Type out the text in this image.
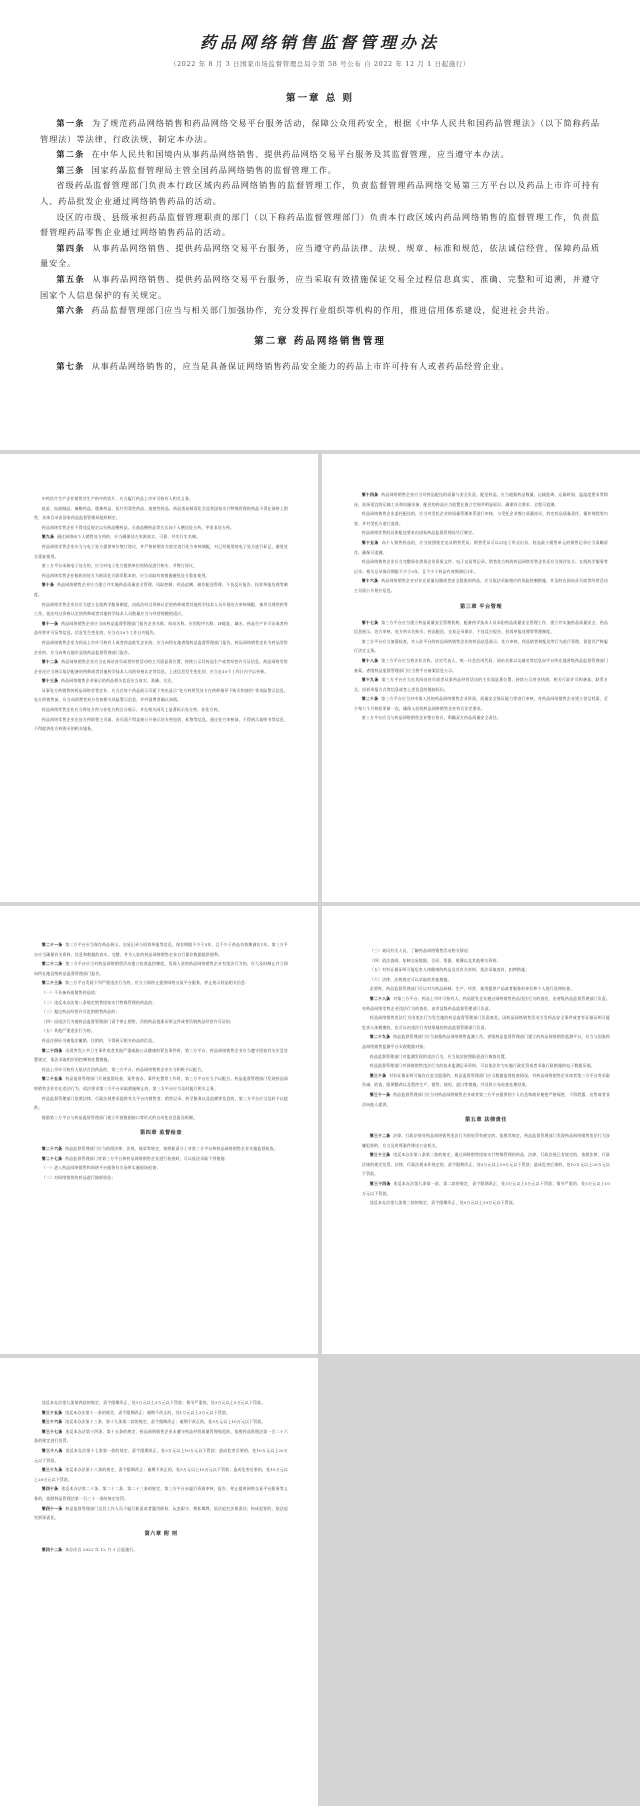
药品网络销售监督管理办法
（2022 年 8 月 3 日国家市场监督管理总局令第 58 号公布 自 2022 年 12 月 1 日起施行）
第一章 总 则

第一条 为了规范药品网络销售和药品网络交易平台服务活动，保障公众用药安全，根据《中华人民共和国药品管理法》（以下简称药品管理法）等法律、行政法规，制定本办法。

第二条 在中华人民共和国境内从事药品网络销售、提供药品网络交易平台服务及其监督管理，应当遵守本办法。

第三条 国家药品监督管理局主管全国药品网络销售的监督管理工作。

省级药品监督管理部门负责本行政区域内药品网络销售的监督管理工作，负责监督管理药品网络交易第三方平台以及药品上市许可持有人、药品批发企业通过网络销售药品的活动。

设区的市级、县级承担药品监督管理职责的部门（以下称药品监督管理部门）负责本行政区域内药品网络销售的监督管理工作，负责监督管理药品零售企业通过网络销售药品的活动。

第四条 从事药品网络销售、提供药品网络交易平台服务，应当遵守药品法律、法规、规章、标准和规范，依法诚信经营，保障药品质量安全。

第五条 从事药品网络销售、提供药品网络交易平台服务，应当采取有效措施保证交易全过程信息真实、准确、完整和可追溯，并遵守国家个人信息保护的有关规定。

第六条 药品监督管理部门应当与相关部门加强协作，充分发挥行业组织等机构的作用，推进信用体系建设，促进社会共治。

第二章 药品网络销售管理

第七条 从事药品网络销售的，应当是具备保证网络销售药品安全能力的药品上市许可持有人或者药品经营企业。

中药饮片生产企业销售其生产的中药饮片，应当履行药品上市许可持有人相关义务。

疫苗、血液制品、麻醉药品、精神药品、医疗用毒性药品、放射性药品、药品类易制毒化学品等国家实行特殊管理的药品不得在网络上销售，具体目录由国家药品监督管理局组织制定。

药品网络零售企业不得违反规定以买药品赠药品、买商品赠药品等方式向个人赠送处方药、甲类非处方药。

第九条 通过网络向个人销售处方药的，应当确保处方来源真实、可靠，并实行实名制。

药品网络零售企业应当与电子处方提供单位签订协议，并严格按照有关规定进行处方审核调配，对已经使用的电子处方进行标记，避免处方重复使用。

第三方平台承接电子处方的，应当对电子处方提供单位的情况进行核实，并签订协议。

药品网络零售企业接收的处方为纸质处方影印版本的，应当采取有效措施避免处方重复使用。

第十条 药品网络销售企业应当建立并实施药品质量安全管理、风险控制、药品追溯、储存配送管理、不良反应报告、投诉举报处理等制度。

药品网络零售企业还应当建立在线药学服务制度，由依法经过资格认定的药师或者其他药学技术人员开展处方审核调配、指导合理用药等工作。依法经过资格认定的药师或者其他药学技术人员数量应当与经营规模相适应。

第十一条 药品网络销售企业应当向药品监督管理部门报告企业名称、网站名称、应用程序名称、IP地址、域名、药品生产许可证或者药品经营许可证等信息。信息发生变化的，应当在10个工作日内报告。

药品网络销售企业为药品上市许可持有人或者药品批发企业的，应当向所在地省级药品监督管理部门报告。药品网络销售企业为药品零售企业的，应当向所在地市县级药品监督管理部门报告。

第十二条 药品网络销售企业应当在网站首页或者经营活动的主页面显著位置，持续公示其药品生产或者经营许可证信息。药品网络零售企业还应当展示依法配备的药师或者其他药学技术人员的资格认定等信息。上述信息发生变化的，应当在10个工作日内予以更新。

第十三条 药品网络销售企业展示的药品相关信息应当真实、准确、合法。

从事处方药销售的药品网络零售企业，应当在每个药品展示页面下突出显示“处方药须凭处方在药师指导下购买和使用”等风险警示信息。处方药销售前，应当向消费者充分告知相关风险警示信息，并经消费者确认知情。

药品网络零售企业应当将处方药与非处方药区分展示，并在相关网页上显著标示处方药、非处方药。

药品网络零售企业在处方药销售主页面、首页面不得直接公开展示处方药包装、标签等信息。通过处方审核前，不得展示说明书等信息，不得提供处方药购买的相关服务。

第十四条 药品网络销售企业应当对药品配送的质量与安全负责。配送药品，应当根据药品数量、运输距离、运输时间、温湿度要求等情况，选择适宜的运输工具和设施设备，配送的药品应当放置在独立空间并明显标识，确保符合要求、全程可追溯。

药品网络销售企业委托配送的，应当对受托企业的质量管理体系进行审核，与受托企业签订质量协议，约定药品质量责任、操作规程等内容，并对受托方进行监督。

药品网络零售的具体配送要求由国家药品监督管理局另行制定。

第十五条 向个人销售药品的，应当按照规定出具销售凭证。销售凭证可以以电子形式出具，药品最小销售单元的销售记录应当清晰留存，确保可追溯。

药品网络销售企业应当完整保存供货企业资质文件、电子交易等记录。销售处方药的药品网络零售企业还应当保存处方、在线药学服务等记录。相关记录保存期限不少于5年，且不少于药品有效期满后1年。

第十六条 药品网络销售企业对存在质量问题或者安全隐患的药品，应当依法采取相应的风险控制措施，并及时在网站首页或者经营活动主页面公开相应信息。

第三章 平台管理

第十七条 第三方平台应当建立药品质量安全管理机构，配备药学技术人员承担药品质量安全管理工作，建立并实施药品质量安全、药品信息展示、处方审核、处方药实名购买、药品配送、交易记录保存、不良反应报告、投诉举报处理等管理制度。

第三方平台应当加强检查，对入驻平台的药品网络销售企业的药品信息展示、处方审核、药品销售和配送等行为进行管理，督促其严格履行法定义务。

第十八条 第三方平台应当将企业名称、法定代表人、统一社会信用代码、网站名称以及域名等信息向平台所在地省级药品监督管理部门备案。省级药品监督管理部门应当将平台备案信息公示。

第十九条 第三方平台应当在其网站首页或者从事药品经营活动的主页面显著位置，持续公示营业执照、相关行政许可和备案、联系方式、投诉举报方式等信息或者上述信息的链接标识。

第二十条 第三方平台应当对申请入驻的药品网络销售企业资质、质量安全保证能力等进行审核，对药品网络销售企业建立登记档案，至少每六个月核验更新一次，确保入驻的药品网络销售企业符合法定要求。

第三方平台应当与药品网络销售企业签订协议，明确双方药品质量安全责任。

第二十一条 第三方平台应当保存药品展示、交易记录与投诉举报等信息。保存期限不少于5年，且不少于药品有效期满后1年。第三方平台应当确保有关资料、信息和数据的真实、完整，并为入驻的药品网络销售企业自行保存数据提供便利。

第二十二条 第三方平台应当对药品网络销售活动建立检查监控制度。发现入驻的药品网络销售企业有违法行为的，应当及时制止并立即向所在地县级药品监督管理部门报告。

第二十三条 第三方平台发现下列严重违法行为的，应当立即停止提供网络交易平台服务，停止展示药品相关信息：

（一）不具备资质销售药品的；

（二）违反本办法第八条规定销售国家实行特殊管理的药品的；

（三）超过药品经营许可范围销售药品的；

（四）因违法行为被药品监督管理部门责令停止销售、吊销药品批准证明文件或者吊销药品经营许可证的；

（五）其他严重违法行为的。

药品注册证书被依法撤销、注销的，不得展示相关药品的信息。

第二十四条 出现突发公共卫生事件或者其他严重威胁公众健康的紧急事件时，第三方平台、药品网络销售企业应当遵守国家有关应急处置规定，依法采取相应的控制和处置措施。

药品上市许可持有人依法召回药品的，第三方平台、药品网络销售企业应当积极予以配合。

第二十五条 药品监督管理部门开展监督检查、案件查办、事件处置等工作时，第三方平台应当予以配合。药品监督管理部门发现药品网络销售企业存在违法行为，依法要求第三方平台采取措施制止的，第三方平台应当及时履行相关义务。

药品监督管理部门依照法律、行政法规要求提供有关平台内销售者、销售记录、药学服务以及追溯等信息的，第三方平台应当及时予以提供。

鼓励第三方平台与药品监督管理部门建立开放数据接口等形式的自动化信息报送机制。

第四章 监督检查

第二十六条 药品监督管理部门应当依照法律、法规、规章等规定，按照职责分工对第三方平台和药品网络销售企业实施监督检查。

第二十七条 药品监督管理部门对第三方平台和药品网络销售企业进行检查时，可以依法采取下列措施：

（一）进入药品网络销售和网络平台服务有关场所实施现场检查；

（二）对网络销售的药品进行抽样检验；

（三）询问有关人员，了解药品网络销售活动相关情况；

（四）依法查阅、复制交易数据、合同、票据、账簿以及其他相关资料；

（五）对有证据证明可能危害人体健康的药品及其有关材料，依法采取查封、扣押措施；

（六）法律、法规规定可以采取的其他措施。

必要时，药品监督管理部门可以对为药品研制、生产、经营、使用提供产品或者服务的单位和个人进行延伸检查。

第二十八条 对第三方平台、药品上市许可持有人、药品批发企业通过网络销售药品违法行为的查处，由省级药品监督管理部门负责。对药品网络零售企业违法行为的查处，由市县级药品监督管理部门负责。

药品网络销售违法行为由违法行为发生地的药品监督管理部门负责查处。因药品网络销售活动引发药品安全事件或者有证据证明可能危害人体健康的，也可以由违法行为结果地的药品监督管理部门负责。

第二十九条 药品监督管理部门应当加强药品网络销售监测工作。省级药品监督管理部门建立的药品网络销售监测平台，应当与国家药品网络销售监测平台实现数据对接。

药品监督管理部门对监测发现的违法行为，应当依法按照职责进行调查处置。

药品监督管理部门对网络销售违法行为的技术监测记录资料，可以依法作为实施行政处罚或者采取行政措施的电子数据证据。

第三十条 对有证据证明可能存在安全隐患的，药品监督管理部门应当根据监督检查情况，对药品网络销售企业或者第三方平台等采取告诫、约谈、限期整改以及暂停生产、销售、使用、进口等措施，并及时公布检查处理结果。

第三十一条 药品监督管理部门应当对药品网络销售企业或者第三方平台提供的个人信息和商业秘密严格保密，不得泄露、出售或者非法向他人提供。

第五章 法律责任

第三十二条 法律、行政法规对药品网络销售违法行为的处罚有规定的，依照其规定。药品监督管理部门发现药品网络销售违法行为涉嫌犯罪的，应当及时将案件移送公安机关。

第三十三条 违反本办法第八条第二款的规定，通过网络销售国家实行特殊管理的药品，法律、行政法规已有规定的，依照法律、行政法规的规定处罚。法律、行政法规未作规定的，责令限期改正，处5万元以上10万元以下罚款；造成危害后果的，处10万元以上20万元以下罚款。

第三十四条 违反本办法第九条第一款、第二款的规定，责令限期改正，处3万元以上5万元以下罚款；情节严重的，处5万元以上10万元以下罚款。

违反本办法第九条第三款的规定，责令限期改正，处5万元以上10万元以下罚款。

违反本办法第九条第四款的规定，责令限期改正，处1万元以上3万元以下罚款；情节严重的，处3万元以上5万元以下罚款。

第三十五条 违反本办法第十一条的规定，责令限期改正；逾期不改正的，处1万元以上3万元以下罚款。

第三十六条 违反本办法第十三条、第十九条第二款的规定，责令限期改正；逾期不改正的，处5万元以上10万元以下罚款。

第三十七条 违反本办法第十四条、第十五条的规定，药品网络销售企业未遵守药品经营质量管理规范的，依照药品管理法第一百二十六条的规定进行处罚。

第三十八条 违反本办法第十七条第一款的规定，责令限期改正，处3万元以上10万元以下罚款；造成危害后果的，处10万元以上20万元以下罚款。

第三十九条 违反本办法第十八条的规定，责令限期改正；逾期不改正的，处5万元以上10万元以下罚款；造成危害后果的，处10万元以上20万元以下罚款。

第四十条 违反本办法第二十条、第二十二条、第二十三条的规定，第三方平台未履行资质审核、报告、停止提供网络交易平台服务等义务的，依照药品管理法第一百三十一条的规定处罚。

第四十一条 药品监督管理部门及其工作人员不履行职责或者滥用职权、玩忽职守、徇私舞弊，依法追究法律责任；构成犯罪的，依法追究刑事责任。

第六章 附 则

第四十二条 本办法自 2022 年 12 月 1 日起施行。
